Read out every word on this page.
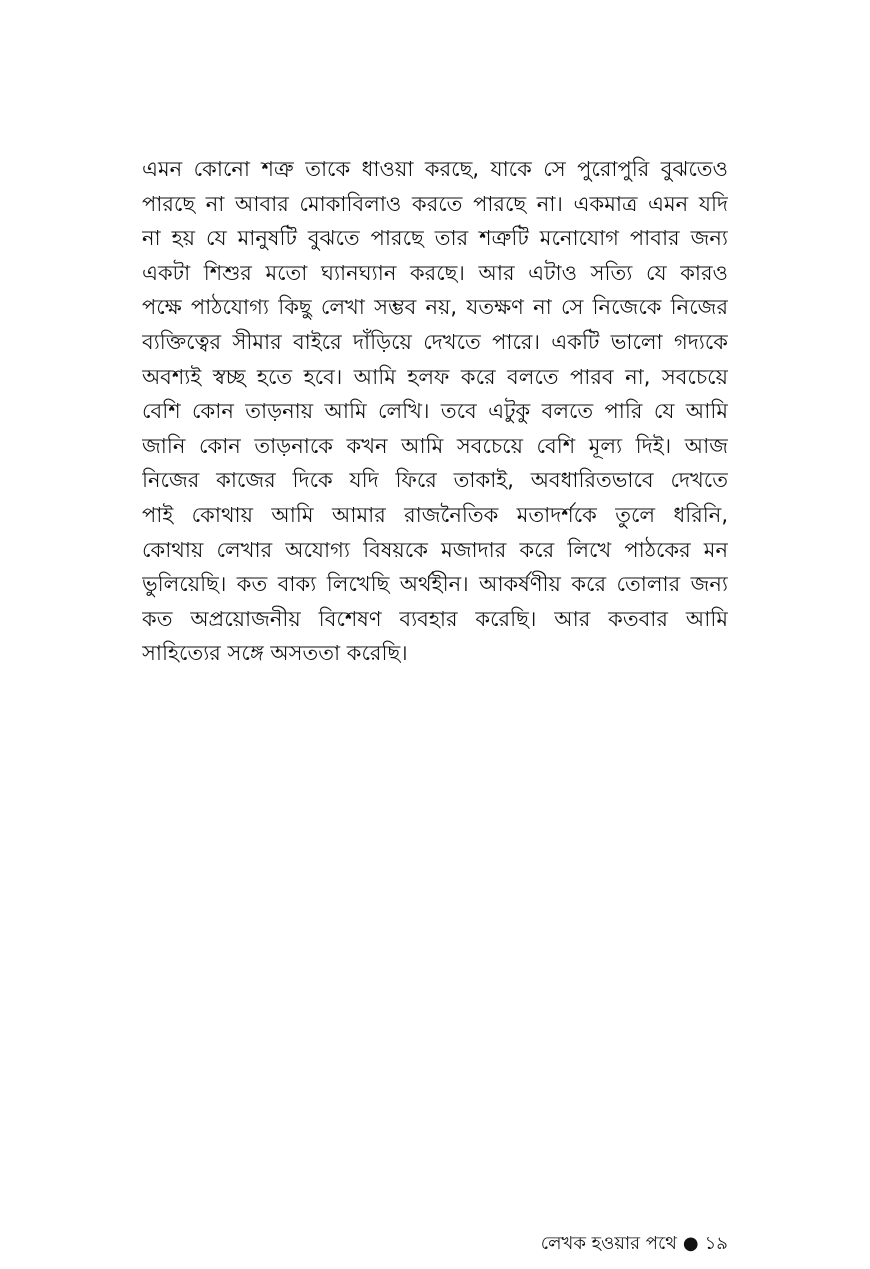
এমন কোনো শত্রু তাকে ধাওয়া করছে, যাকে সে পুরোপুরি বুঝতেও
পারছে না আবার মোকাবিলাও করতে পারছে না। একমাত্র এমন যদি
না হয় যে মানুষটি বুঝতে পারছে তার শত্রুটি মনোযোগ পাবার জন্য
একটা শিশুর মতো ঘ্যানঘ্যান করছে। আর এটাও সত্যি যে কারও
পক্ষে পাঠযোগ্য কিছু লেখা সম্ভব নয়, যতক্ষণ না সে নিজেকে নিজের
ব্যক্তিত্বের সীমার বাইরে দাঁড়িয়ে দেখতে পারে। একটি ভালো গদ্যকে
অবশ্যই স্বচ্ছ হতে হবে। আমি হলফ করে বলতে পারব না, সবচেয়ে
বেশি কোন তাড়নায় আমি লেখি। তবে এটুকু বলতে পারি যে আমি
জানি কোন তাড়নাকে কখন আমি সবচেয়ে বেশি মূল্য দিই। আজ
নিজের কাজের দিকে যদি ফিরে তাকাই, অবধারিতভাবে দেখতে
পাই কোথায় আমি আমার রাজনৈতিক মতাদর্শকে তুলে ধরিনি,
কোথায় লেখার অযোগ্য বিষয়কে মজাদার করে লিখে পাঠকের মন
ভুলিয়েছি। কত বাক্য লিখেছি অর্থহীন। আকর্ষণীয় করে তোলার জন্য
কত অপ্রয়োজনীয় বিশেষণ ব্যবহার করেছি। আর কতবার আমি
সাহিত্যের সঙ্গে অসততা করেছি।
লেখক হওয়ার পথে ● ১৯
